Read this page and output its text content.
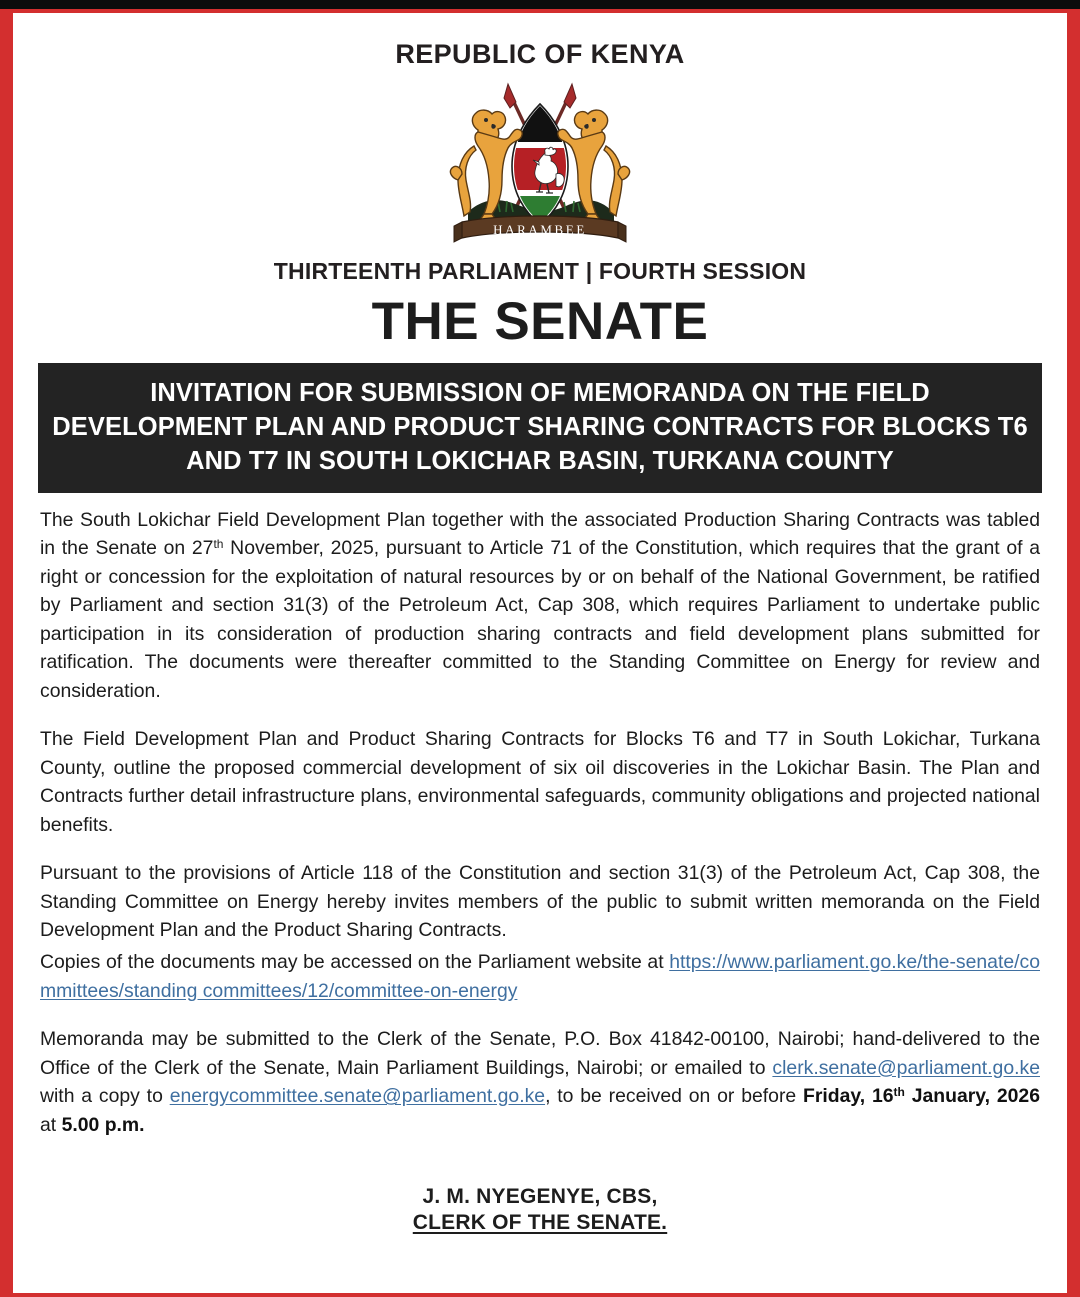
REPUBLIC OF KENYA
HARAMBEE
THIRTEENTH PARLIAMENT | FOURTH SESSION
THE SENATE
INVITATION FOR SUBMISSION OF MEMORANDA ON THE FIELD DEVELOPMENT PLAN AND PRODUCT SHARING CONTRACTS FOR BLOCKS T6 AND T7 IN SOUTH LOKICHAR BASIN, TURKANA COUNTY

The South Lokichar Field Development Plan together with the associated Production Sharing Contracts was tabled in the Senate on 27th November, 2025, pursuant to Article 71 of the Constitution, which requires that the grant of a right or concession for the exploitation of natural resources by or on behalf of the National Government, be ratified by Parliament and section 31(3) of the Petroleum Act, Cap 308, which requires Parliament to undertake public participation in its consideration of production sharing contracts and field development plans submitted for ratification. The documents were thereafter committed to the Standing Committee on Energy for review and consideration.

The Field Development Plan and Product Sharing Contracts for Blocks T6 and T7 in South Lokichar, Turkana County, outline the proposed commercial development of six oil discoveries in the Lokichar Basin. The Plan and Contracts further detail infrastructure plans, environmental safeguards, community obligations and projected national benefits.

Pursuant to the provisions of Article 118 of the Constitution and section 31(3) of the Petroleum Act, Cap 308, the Standing Committee on Energy hereby invites members of the public to submit written memoranda on the Field Development Plan and the Product Sharing Contracts.

Copies of the documents may be accessed on the Parliament website at https://www.parliament.go.ke/the-senate/committees/standing committees/12/committee-on-energy

Memoranda may be submitted to the Clerk of the Senate, P.O. Box 41842-00100, Nairobi; hand-delivered to the Office of the Clerk of the Senate, Main Parliament Buildings, Nairobi; or emailed to clerk.senate@parliament.go.ke with a copy to energycommittee.senate@parliament.go.ke, to be received on or before Friday, 16th January, 2026 at 5.00 p.m.

J. M. NYEGENYE, CBS,
CLERK OF THE SENATE.
